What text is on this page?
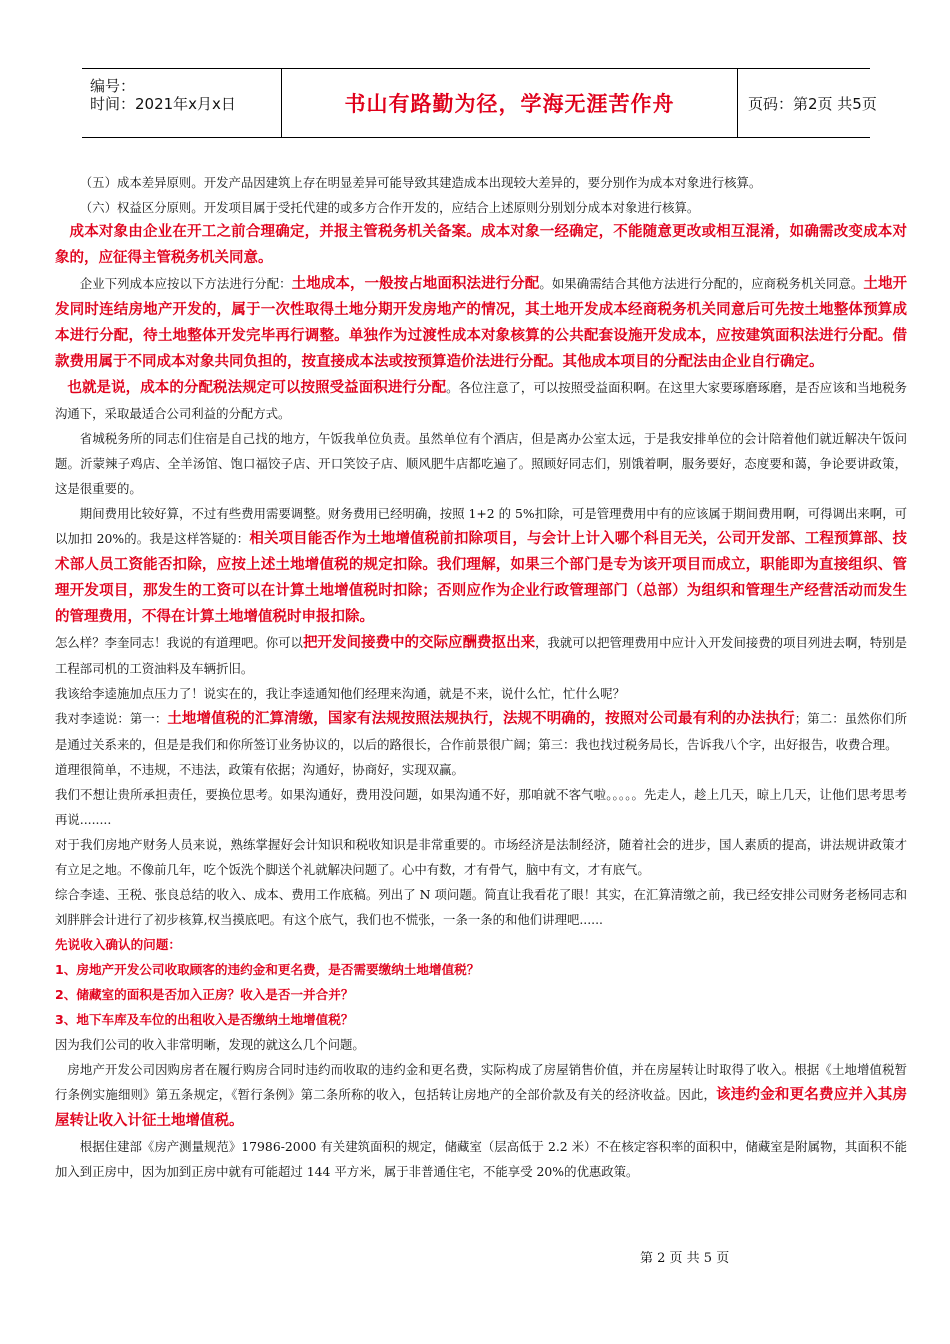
编号：
时间：2021年x月x日	书山有路勤为径，学海无涯苦作舟	页码：第2页 共5页

（五）成本差异原则。开发产品因建筑上存在明显差异可能导致其建造成本出现较大差异的，要分别作为成本对象进行核算。

（六）权益区分原则。开发项目属于受托代建的或多方合作开发的，应结合上述原则分别划分成本对象进行核算。

成本对象由企业在开工之前合理确定，并报主管税务机关备案。成本对象一经确定，不能随意更改或相互混淆，如确需改变成本对象的，应征得主管税务机关同意。

企业下列成本应按以下方法进行分配：土地成本，一般按占地面积法进行分配。如果确需结合其他方法进行分配的，应商税务机关同意。土地开发同时连结房地产开发的，属于一次性取得土地分期开发房地产的情况，其土地开发成本经商税务机关同意后可先按土地整体预算成本进行分配，待土地整体开发完毕再行调整。单独作为过渡性成本对象核算的公共配套设施开发成本，应按建筑面积法进行分配。借款费用属于不同成本对象共同负担的，按直接成本法或按预算造价法进行分配。其他成本项目的分配法由企业自行确定。

也就是说，成本的分配税法规定可以按照受益面积进行分配。各位注意了，可以按照受益面积啊。在这里大家要琢磨琢磨，是否应该和当地税务沟通下，采取最适合公司利益的分配方式。

省城税务所的同志们住宿是自己找的地方，午饭我单位负责。虽然单位有个酒店，但是离办公室太远，于是我安排单位的会计陪着他们就近解决午饭问题。沂蒙辣子鸡店、全羊汤馆、饱口福饺子店、开口笑饺子店、顺风肥牛店都吃遍了。照顾好同志们，别饿着啊，服务要好，态度要和蔼，争论要讲政策，这是很重要的。

期间费用比较好算，不过有些费用需要调整。财务费用已经明确，按照 1+2 的 5%扣除，可是管理费用中有的应该属于期间费用啊，可得调出来啊，可以加扣 20%的。我是这样答疑的：相关项目能否作为土地增值税前扣除项目，与会计上计入哪个科目无关，公司开发部、工程预算部、技术部人员工资能否扣除，应按上述土地增值税的规定扣除。我们理解，如果三个部门是专为该开项目而成立，职能即为直接组织、管理开发项目，那发生的工资可以在计算土地增值税时扣除；否则应作为企业行政管理部门（总部）为组织和管理生产经营活动而发生的管理费用，不得在计算土地增值税时申报扣除。

怎么样？李奎同志！我说的有道理吧。你可以把开发间接费中的交际应酬费抠出来，我就可以把管理费用中应计入开发间接费的项目列进去啊，特别是工程部司机的工资油料及车辆折旧。

我该给李逵施加点压力了！说实在的，我让李逵通知他们经理来沟通，就是不来，说什么忙，忙什么呢？

我对李逵说：第一：土地增值税的汇算清缴，国家有法规按照法规执行，法规不明确的，按照对公司最有利的办法执行；第二：虽然你们所是通过关系来的，但是是我们和你所签订业务协议的，以后的路很长，合作前景很广阔；第三：我也找过税务局长，告诉我八个字，出好报告，收费合理。

道理很简单，不违规，不违法，政策有依据；沟通好，协商好，实现双赢。

我们不想让贵所承担责任，要换位思考。如果沟通好，费用没问题，如果沟通不好，那咱就不客气啦。。。。。先走人，趁上几天，晾上几天，让他们思考思考再说........

对于我们房地产财务人员来说，熟练掌握好会计知识和税收知识是非常重要的。市场经济是法制经济，随着社会的进步，国人素质的提高，讲法规讲政策才有立足之地。不像前几年，吃个饭洗个脚送个礼就解决问题了。心中有数，才有骨气，脑中有文，才有底气。

综合李逵、王税、张良总结的收入、成本、费用工作底稿。列出了 N 项问题。简直让我看花了眼！其实，在汇算清缴之前，我已经安排公司财务老杨同志和刘胖胖会计进行了初步核算,权当摸底吧。有这个底气，我们也不慌张，一条一条的和他们讲理吧......

先说收入确认的问题：

1、房地产开发公司收取顾客的违约金和更名费，是否需要缴纳土地增值税？

2、储藏室的面积是否加入正房？收入是否一并合并？

3、地下车库及车位的出租收入是否缴纳土地增值税？

因为我们公司的收入非常明晰，发现的就这么几个问题。

房地产开发公司因购房者在履行购房合同时违约而收取的违约金和更名费，实际构成了房屋销售价值，并在房屋转让时取得了收入。根据《土地增值税暂行条例实施细则》第五条规定，《暂行条例》第二条所称的收入，包括转让房地产的全部价款及有关的经济收益。因此，该违约金和更名费应并入其房屋转让收入计征土地增值税。

根据住建部《房产测量规范》17986-2000 有关建筑面积的规定，储藏室（层高低于 2.2 米）不在核定容积率的面积中，储藏室是附属物，其面积不能加入到正房中，因为加到正房中就有可能超过 144 平方米，属于非普通住宅，不能享受 20%的优惠政策。

第 2 页 共 5 页
